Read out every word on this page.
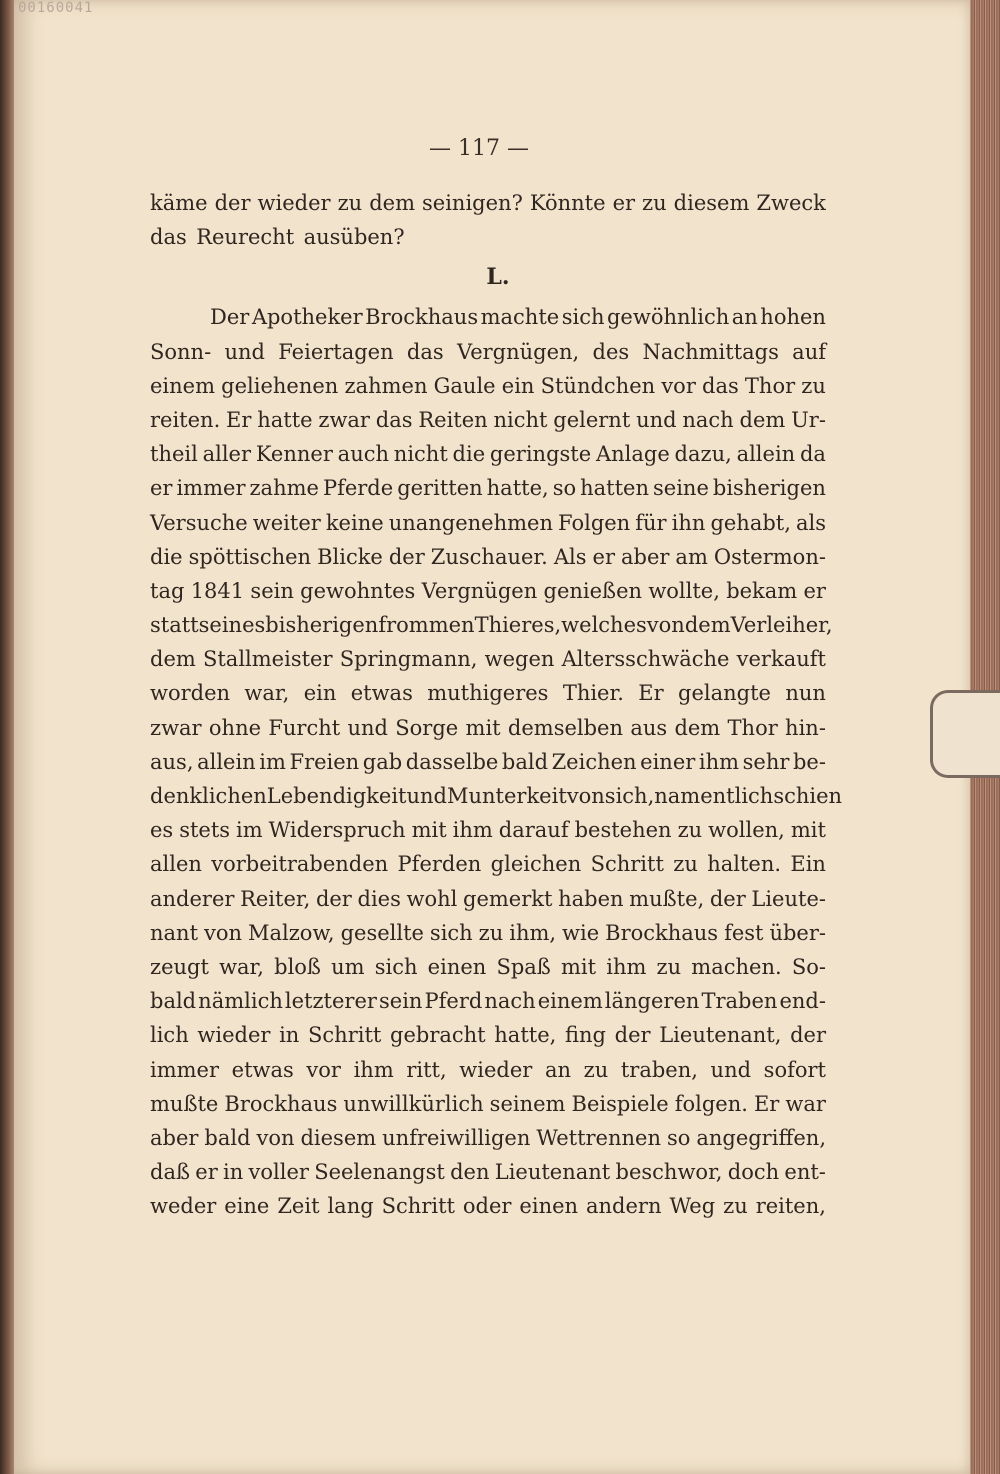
00160041
— 117 —
käme der wieder zu dem seinigen? Könnte er zu diesem Zweck
das Reurecht ausüben?
L.
Der Apotheker Brockhaus machte sich gewöhnlich an hohen
Sonn- und Feiertagen das Vergnügen, des Nachmittags auf
einem geliehenen zahmen Gaule ein Stündchen vor das Thor zu
reiten. Er hatte zwar das Reiten nicht gelernt und nach dem Ur-
theil aller Kenner auch nicht die geringste Anlage dazu, allein da
er immer zahme Pferde geritten hatte, so hatten seine bisherigen
Versuche weiter keine unangenehmen Folgen für ihn gehabt, als
die spöttischen Blicke der Zuschauer. Als er aber am Ostermon-
tag 1841 sein gewohntes Vergnügen genießen wollte, bekam er
statt seines bisherigen frommen Thieres, welches von dem Verleiher,
dem Stallmeister Springmann, wegen Altersschwäche verkauft
worden war, ein etwas muthigeres Thier. Er gelangte nun
zwar ohne Furcht und Sorge mit demselben aus dem Thor hin-
aus, allein im Freien gab dasselbe bald Zeichen einer ihm sehr be-
denklichen Lebendigkeit und Munterkeit von sich, namentlich schien
es stets im Widerspruch mit ihm darauf bestehen zu wollen, mit
allen vorbeitrabenden Pferden gleichen Schritt zu halten. Ein
anderer Reiter, der dies wohl gemerkt haben mußte, der Lieute-
nant von Malzow, gesellte sich zu ihm, wie Brockhaus fest über-
zeugt war, bloß um sich einen Spaß mit ihm zu machen. So-
bald nämlich letzterer sein Pferd nach einem längeren Traben end-
lich wieder in Schritt gebracht hatte, fing der Lieutenant, der
immer etwas vor ihm ritt, wieder an zu traben, und sofort
mußte Brockhaus unwillkürlich seinem Beispiele folgen. Er war
aber bald von diesem unfreiwilligen Wettrennen so angegriffen,
daß er in voller Seelenangst den Lieutenant beschwor, doch ent-
weder eine Zeit lang Schritt oder einen andern Weg zu reiten,
